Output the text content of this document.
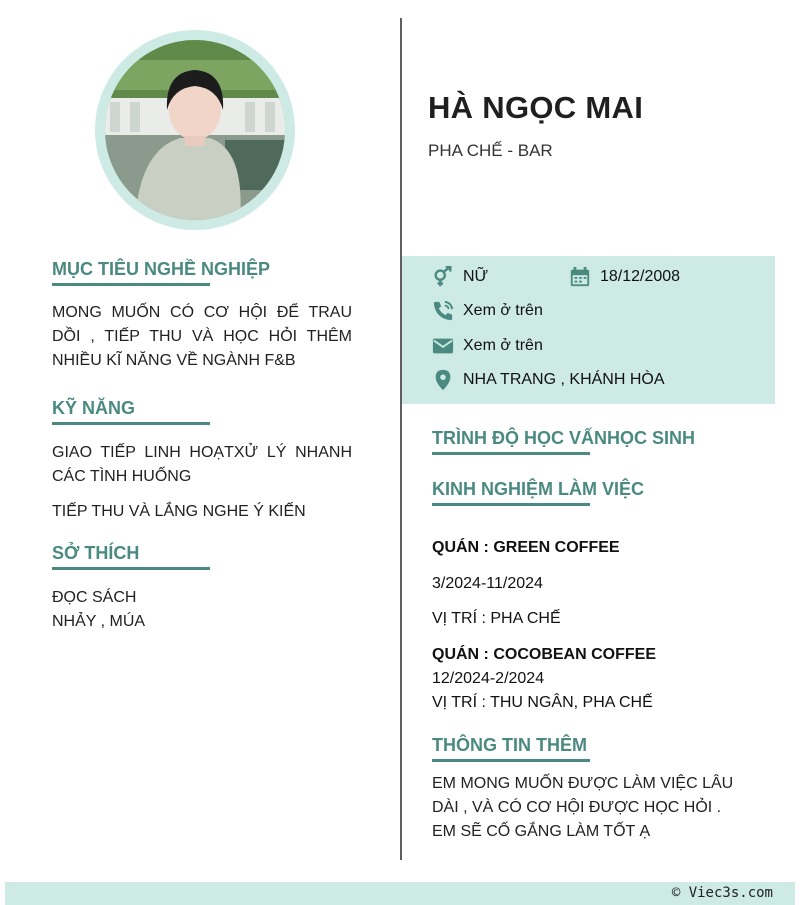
MỤC TIÊU NGHỀ NGHIỆP
MONG MUỐN CÓ CƠ HỘI ĐỂ TRAU DỒI , TIẾP THU VÀ HỌC HỎI THÊM NHIỀU KĨ NĂNG VỀ NGÀNH F&B
KỸ NĂNG
GIAO TIẾP LINH HOẠTXỬ LÝ NHANH CÁC TÌNH HUỐNG
TIẾP THU VÀ LẮNG NGHE Ý KIẾN
SỞ THÍCH
ĐỌC SÁCH
NHẢY , MÚA
HÀ NGỌC MAI
PHA CHẾ - BAR
NỮ	18/12/2008
Xem ở trên
Xem ở trên
NHA TRANG , KHÁNH HÒA
TRÌNH ĐỘ HỌC VẤNHỌC SINH
KINH NGHIỆM LÀM VIỆC
QUÁN : GREEN COFFEE
3/2024-11/2024
VỊ TRÍ : PHA CHẾ
QUÁN : COCOBEAN COFFEE
12/2024-2/2024
VỊ TRÍ : THU NGÂN, PHA CHẾ
THÔNG TIN THÊM
EM MONG MUỐN ĐƯỢC LÀM VIỆC LÂU DÀI , VÀ CÓ CƠ HỘI ĐƯỢC HỌC HỎI . EM SẼ CỐ GẮNG LÀM TỐT Ạ
© Viec3s.com
